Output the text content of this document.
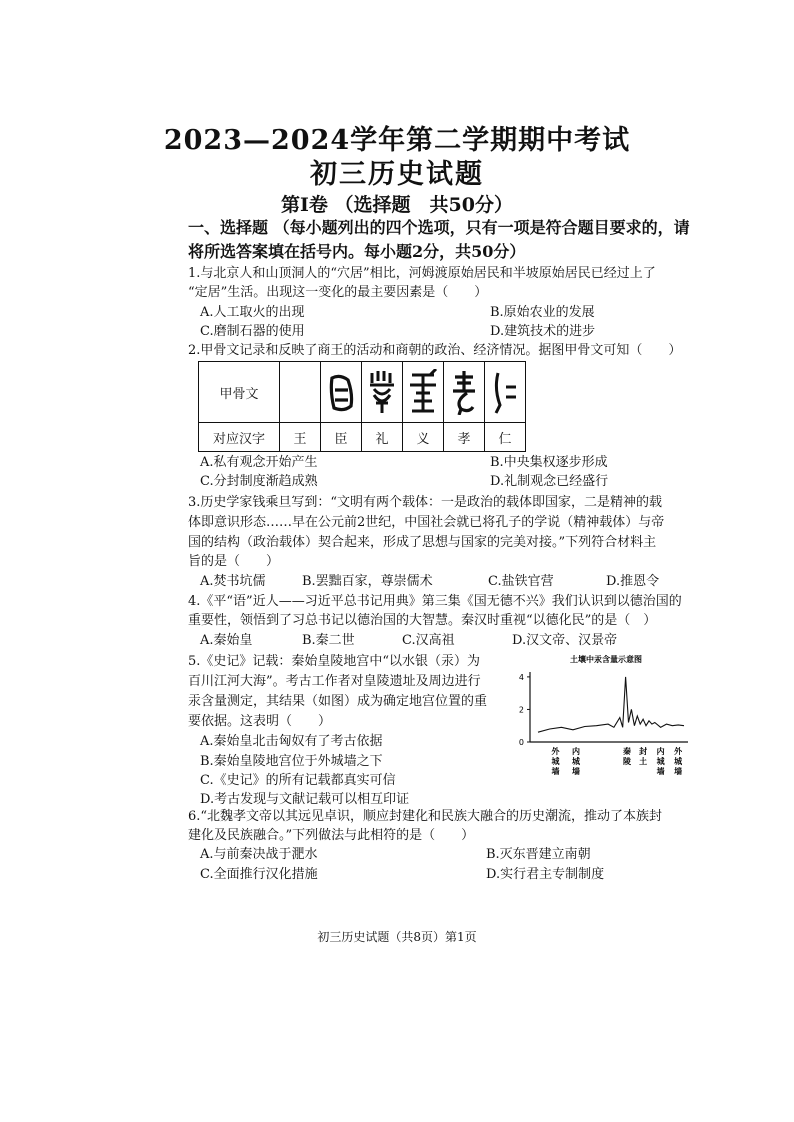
2023—2024学年第二学期期中考试
初三历史试题
第Ⅰ卷 （选择题　共50分）
一、选择题 （每小题列出的四个选项，只有一项是符合题目要求的，请
将所选答案填在括号内。每小题2分，共50分）
1.与北京人和山顶洞人的“穴居”相比，河姆渡原始居民和半坡原始居民已经过上了
“定居”生活。出现这一变化的最主要因素是（　　）
A.人工取火的出现	B.原始农业的发展
C.磨制石器的使用	D.建筑技术的进步
2.甲骨文记录和反映了商王的活动和商朝的政治、经济情况。据图甲骨文可知（　　）
甲骨文		

对应汉字	王	臣	礼	义	孝	仁
A.私有观念开始产生	B.中央集权逐步形成
C.分封制度渐趋成熟	D.礼制观念已经盛行
3.历史学家钱乘旦写到：“文明有两个载体：一是政治的载体即国家，二是精神的载
体即意识形态……早在公元前2世纪，中国社会就已将孔子的学说（精神载体）与帝
国的结构（政治载体）契合起来，形成了思想与国家的完美对接。”下列符合材料主
旨的是（　　）
A.焚书坑儒	B.罢黜百家，尊崇儒术	C.盐铁官营	D.推恩令
4.《平“语”近人——习近平总书记用典》第三集《国无德不兴》我们认识到以德治国的
重要性，领悟到了习总书记以德治国的大智慧。秦汉时重视“以德化民”的是（　）
A.秦始皇	B.秦二世	C.汉高祖	D.汉文帝、汉景帝
5.《史记》记载：秦始皇陵地宫中“以水银（汞）为
百川江河大海”。考古工作者对皇陵遗址及周边进行
汞含量测定，其结果（如图）成为确定地宫位置的重
要依据。这表明（　　）
A.秦始皇北击匈奴有了考古依据
B.秦始皇陵地宫位于外城墙之下
C.《史记》的所有记载都真实可信
D.考古发现与文献记载可以相互印证
土壤中汞含量示意图
0
2
4
外城墙
内城墙
秦陵
封土
内城墙
外城墙
6.“北魏孝文帝以其远见卓识，顺应封建化和民族大融合的历史潮流，推动了本族封
建化及民族融合。”下列做法与此相符的是（　　）
A.与前秦决战于淝水	B.灭东晋建立南朝
C.全面推行汉化措施	D.实行君主专制制度
初三历史试题（共8页）第1页
